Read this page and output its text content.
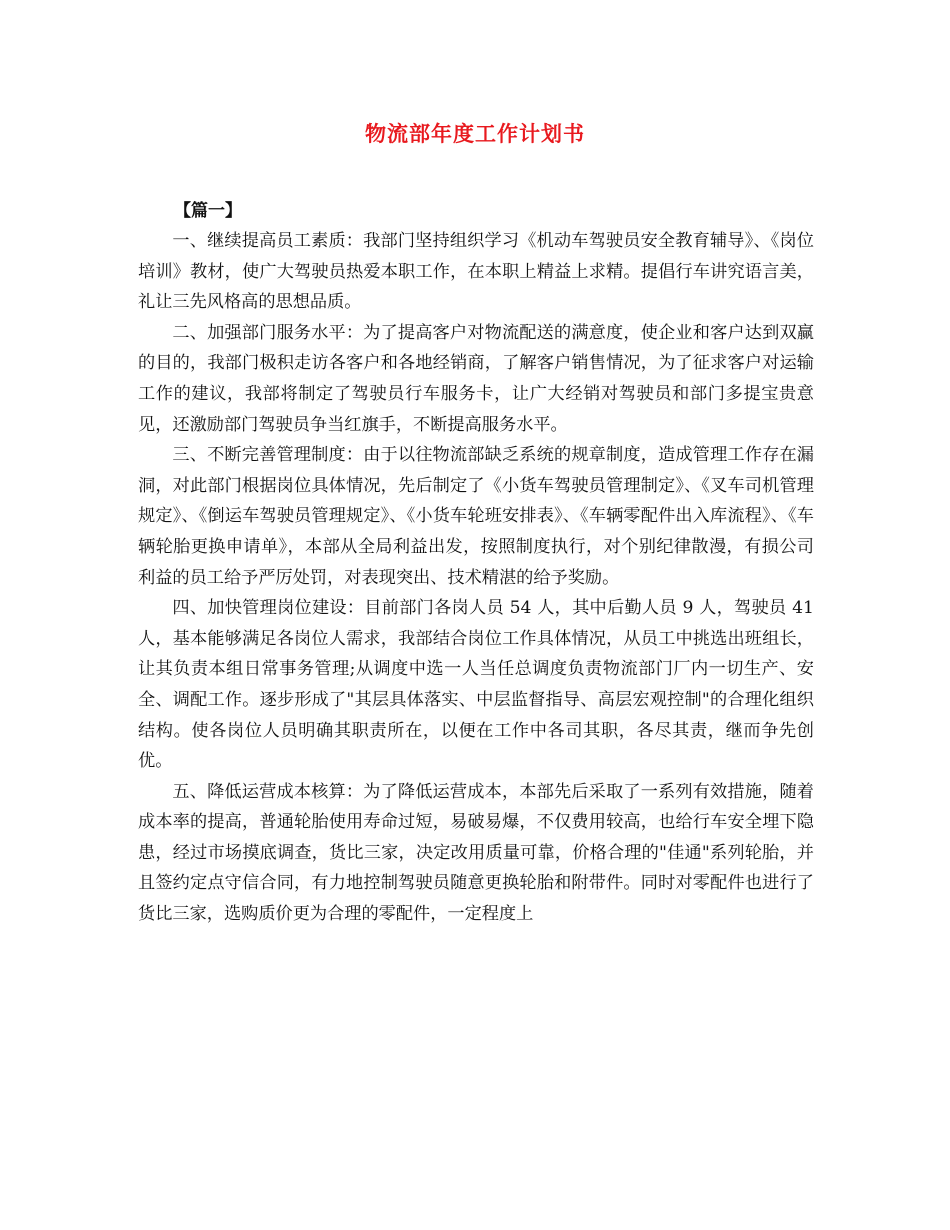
物流部年度工作计划书
【篇一】

一、继续提高员工素质：我部门坚持组织学习《机动车驾驶员安全教育辅导》、《岗位培训》教材，使广大驾驶员热爱本职工作，在本职上精益上求精。提倡行车讲究语言美，礼让三先风格高的思想品质。

二、加强部门服务水平：为了提高客户对物流配送的满意度，使企业和客户达到双赢的目的，我部门极积走访各客户和各地经销商，了解客户销售情况，为了征求客户对运输工作的建议，我部将制定了驾驶员行车服务卡，让广大经销对驾驶员和部门多提宝贵意见，还激励部门驾驶员争当红旗手，不断提高服务水平。

三、不断完善管理制度：由于以往物流部缺乏系统的规章制度，造成管理工作存在漏洞，对此部门根据岗位具体情况，先后制定了《小货车驾驶员管理制定》、《叉车司机管理规定》、《倒运车驾驶员管理规定》、《小货车轮班安排表》、《车辆零配件出入库流程》、《车辆轮胎更换申请单》，本部从全局利益出发，按照制度执行，对个别纪律散漫，有损公司利益的员工给予严厉处罚，对表现突出、技术精湛的给予奖励。

四、加快管理岗位建设：目前部门各岗人员 54 人，其中后勤人员 9 人，驾驶员 41 人，基本能够满足各岗位人需求，我部结合岗位工作具体情况，从员工中挑选出班组长，让其负责本组日常事务管理;从调度中选一人当任总调度负责物流部门厂内一切生产、安全、调配工作。逐步形成了"其层具体落实、中层监督指导、高层宏观控制"的合理化组织结构。使各岗位人员明确其职责所在，以便在工作中各司其职，各尽其责，继而争先创优。

五、降低运营成本核算：为了降低运营成本，本部先后采取了一系列有效措施，随着成本率的提高，普通轮胎使用寿命过短，易破易爆，不仅费用较高，也给行车安全埋下隐患，经过市场摸底调查，货比三家，决定改用质量可靠，价格合理的"佳通"系列轮胎，并且签约定点守信合同，有力地控制驾驶员随意更换轮胎和附带件。同时对零配件也进行了货比三家，选购质价更为合理的零配件，一定程度上
